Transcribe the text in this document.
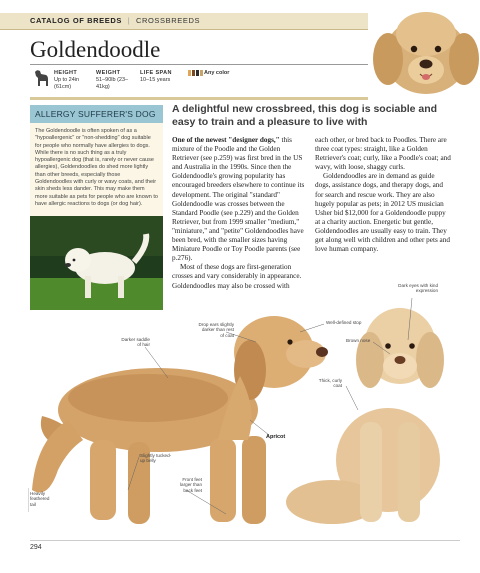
CATALOG OF BREEDS | CROSSBREEDS
Goldendoodle
HEIGHT
Up to 24in (61cm)
WEIGHT
51–90lb (23–41kg)
LIFE SPAN
10–15 years
Any color
ALLERGY SUFFERER'S DOG
The Goldendoodle is often spoken of as a "hypoallergenic" or "non-shedding" dog suitable for people who normally have allergies to dogs. While there is no such thing as a truly hypoallergenic dog (that is, rarely or never cause allergies), Goldendoodles do shed more lightly than other breeds, especially those Goldendoodles with curly or wavy coats, and their skin sheds less dander. This may make them more suitable as pets for people who are known to have allergic reactions to dogs (or dog hair).
A delightful new crossbreed, this dog is sociable and easy to train and a pleasure to live with

One of the newest "designer dogs," this mixture of the Poodle and the Golden Retriever (see p.259) was first bred in the US and Australia in the 1990s. Since then the Goldendoodle's growing popularity has encouraged breeders elsewhere to continue its development. The original "standard" Goldendoodle was crosses between the Standard Poodle (see p.229) and the Golden Retriever, but from 1999 smaller "medium," "miniature," and "petite" Goldendoodles have been bred, with the smaller sizes having Miniature Poodle or Toy Poodle parents (see p.276).

Most of these dogs are first-generation crosses and vary considerably in appearance. Goldendoodles may also be crossed with

each other, or bred back to Poodles. There are three coat types: straight, like a Golden Retriever's coat; curly, like a Poodle's coat; and wavy, with loose, shaggy curls.

Goldendoodles are in demand as guide dogs, assistance dogs, and therapy dogs, and for search and rescue work. They are also hugely popular as pets; in 2012 US musician Usher bid $12,000 for a Goldendoodle puppy at a charity auction. Energetic but gentle, Goldendoodles are usually easy to train. They get along well with children and other pets and love human company.

Drop ears slightly darker than rest of coat
Darker saddle of hair
Well-defined stop
Brown nose
Dark eyes with kind expression
Thick, curly coat
Apricot
Slightly tucked-up belly
Front feet larger than back feet
Heavily feathered tail
294
